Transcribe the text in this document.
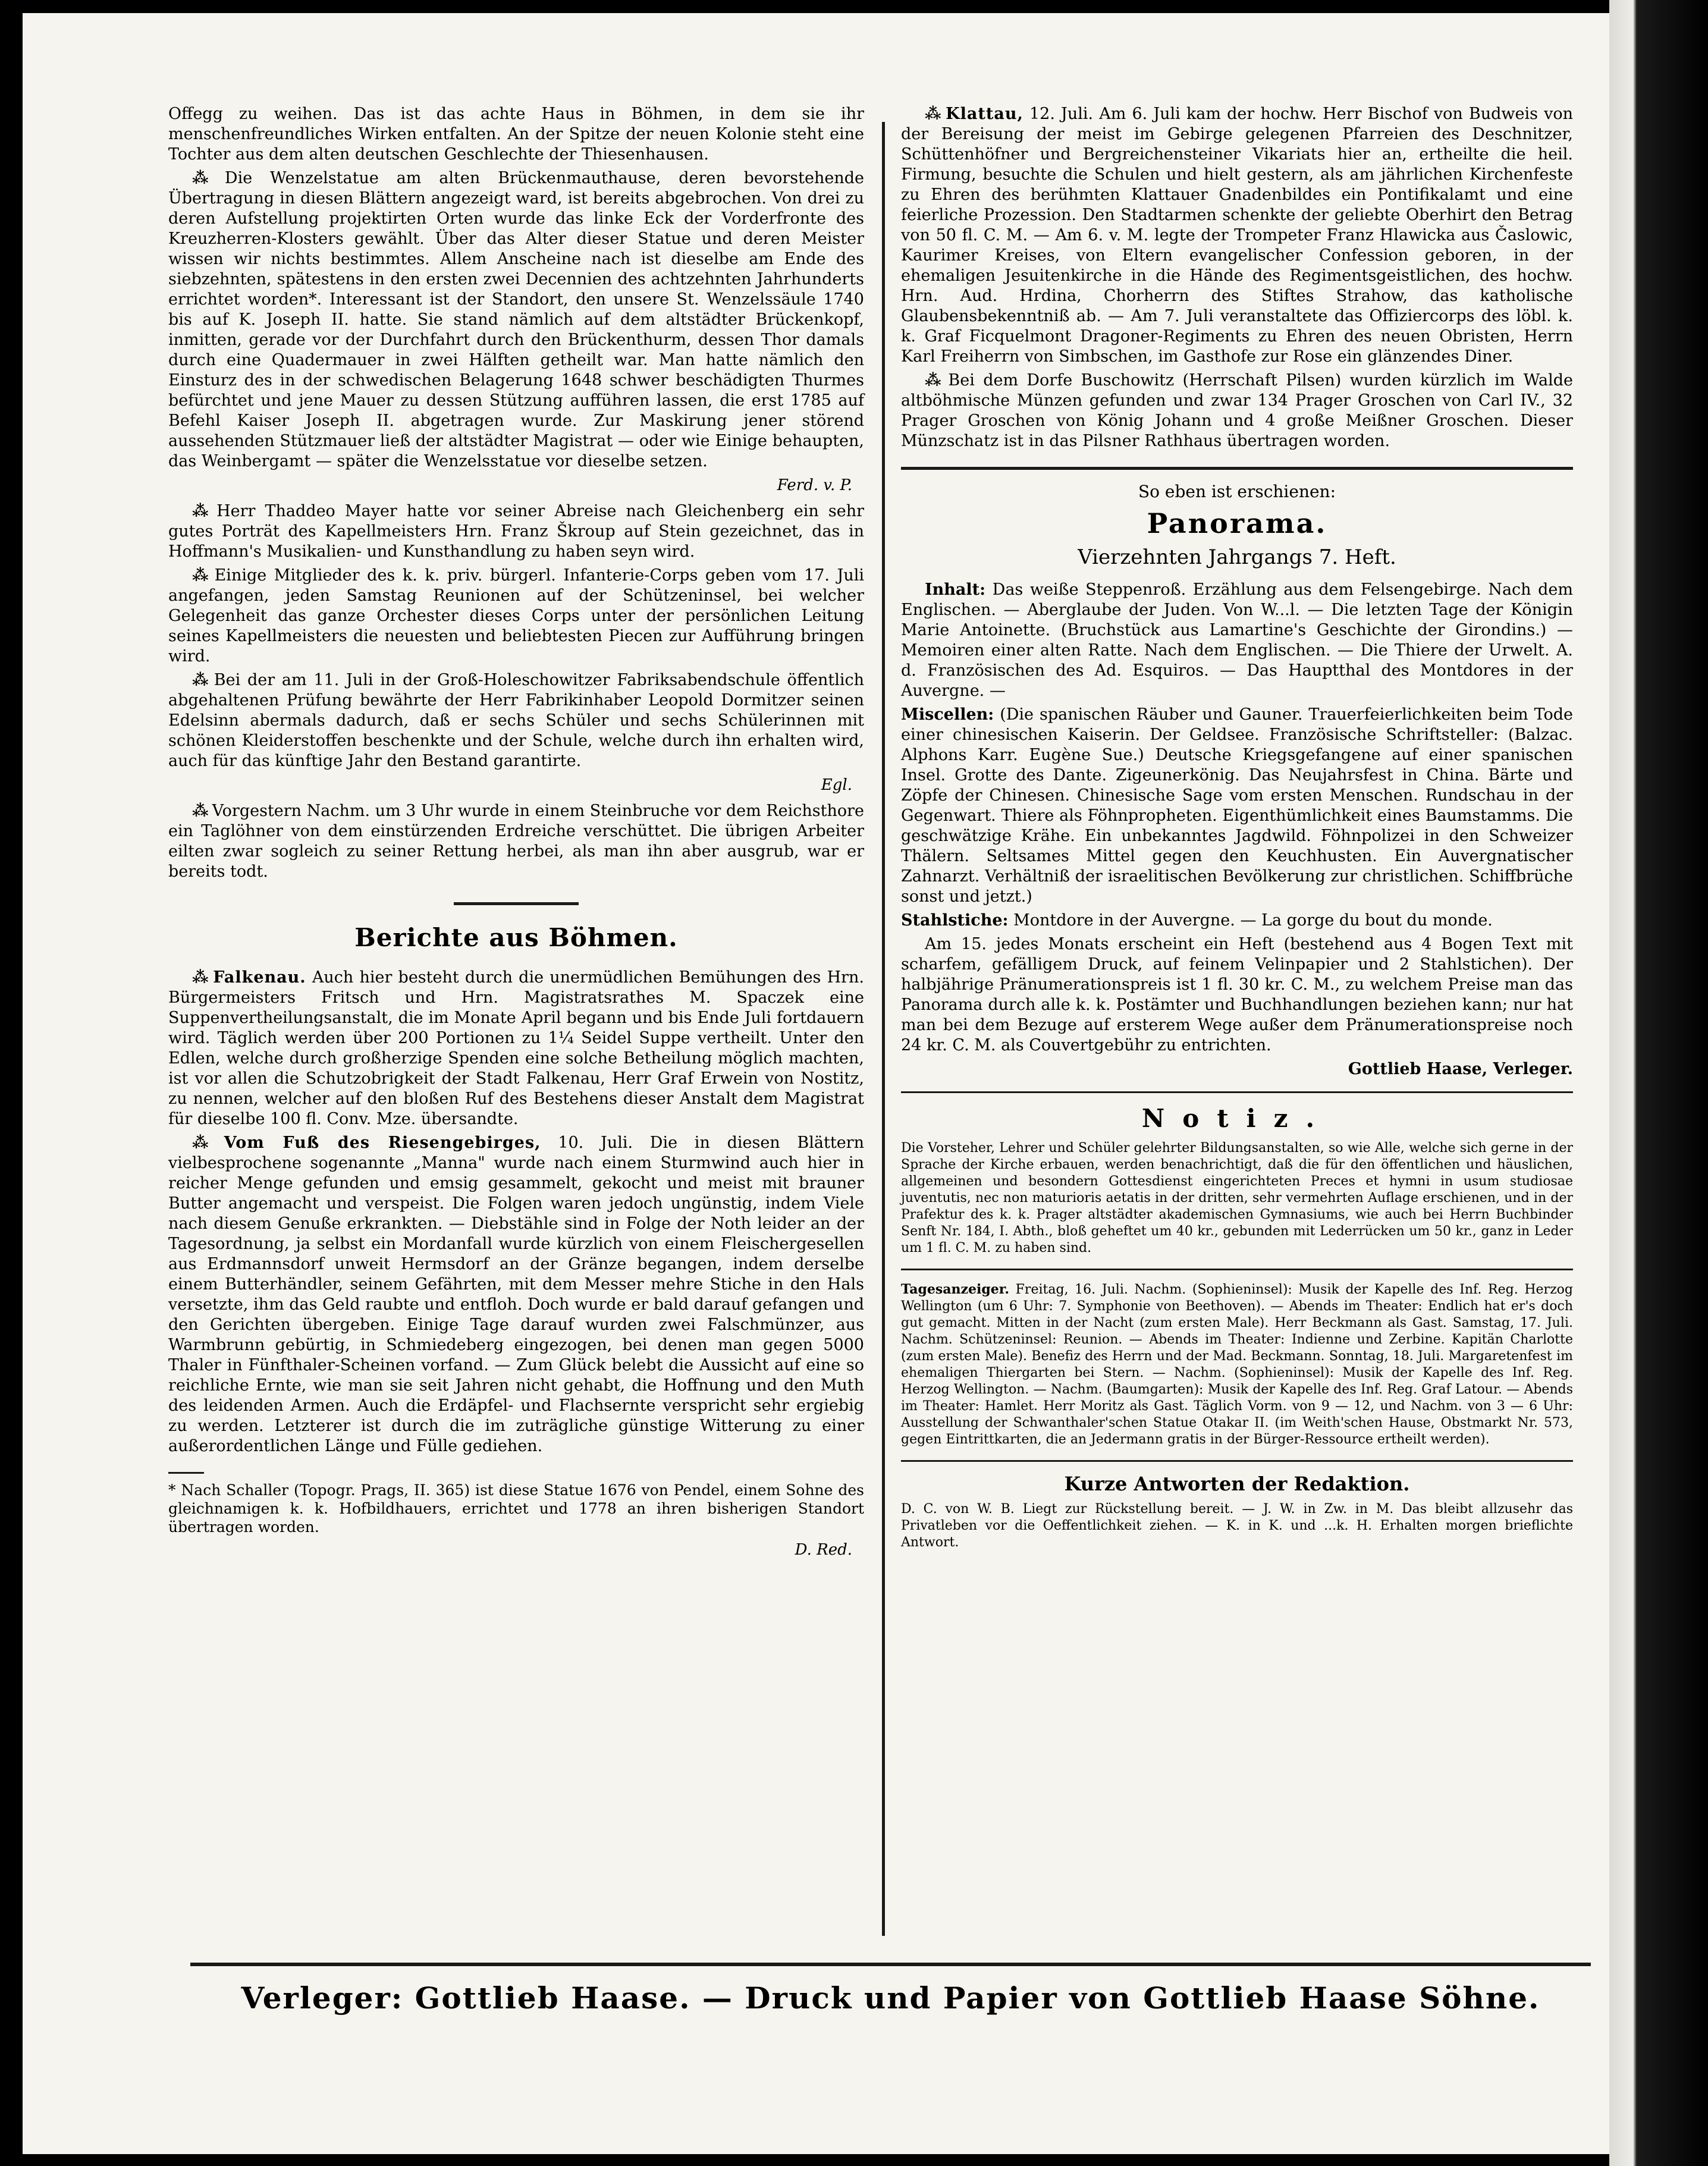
Offegg zu weihen. Das ist das achte Haus in Böhmen, in dem sie ihr menschenfreundliches Wirken entfalten. An der Spitze der neuen Kolonie steht eine Tochter aus dem alten deutschen Geschlechte der Thiesenhausen.

⁂ Die Wenzelstatue am alten Brückenmauthause, deren bevorstehende Übertragung in diesen Blättern angezeigt ward, ist bereits abgebrochen. Von drei zu deren Aufstellung projektirten Orten wurde das linke Eck der Vorderfronte des Kreuzherren-Klosters gewählt. Über das Alter dieser Statue und deren Meister wissen wir nichts bestimmtes. Allem Anscheine nach ist dieselbe am Ende des siebzehnten, spätestens in den ersten zwei Decennien des achtzehnten Jahrhunderts errichtet worden*. Interessant ist der Standort, den unsere St. Wenzelssäule 1740 bis auf K. Joseph II. hatte. Sie stand nämlich auf dem altstädter Brückenkopf, inmitten, gerade vor der Durchfahrt durch den Brückenthurm, dessen Thor damals durch eine Quadermauer in zwei Hälften getheilt war. Man hatte nämlich den Einsturz des in der schwedischen Belagerung 1648 schwer beschädigten Thurmes befürchtet und jene Mauer zu dessen Stützung aufführen lassen, die erst 1785 auf Befehl Kaiser Joseph II. abgetragen wurde. Zur Maskirung jener störend aussehenden Stützmauer ließ der altstädter Magistrat — oder wie Einige behaupten, das Weinbergamt — später die Wenzelsstatue vor dieselbe setzen.

Ferd. v. P.

⁂ Herr Thaddeo Mayer hatte vor seiner Abreise nach Gleichenberg ein sehr gutes Porträt des Kapellmeisters Hrn. Franz Škroup auf Stein gezeichnet, das in Hoffmann's Musikalien- und Kunsthandlung zu haben seyn wird.

⁂ Einige Mitglieder des k. k. priv. bürgerl. Infanterie-Corps geben vom 17. Juli angefangen, jeden Samstag Reunionen auf der Schützeninsel, bei welcher Gelegenheit das ganze Orchester dieses Corps unter der persönlichen Leitung seines Kapellmeisters die neuesten und beliebtesten Piecen zur Aufführung bringen wird.

⁂ Bei der am 11. Juli in der Groß-Holeschowitzer Fabriksabendschule öffentlich abgehaltenen Prüfung bewährte der Herr Fabrikinhaber Leopold Dormitzer seinen Edelsinn abermals dadurch, daß er sechs Schüler und sechs Schülerinnen mit schönen Kleiderstoffen beschenkte und der Schule, welche durch ihn erhalten wird, auch für das künftige Jahr den Bestand garantirte.

Egl.

⁂ Vorgestern Nachm. um 3 Uhr wurde in einem Steinbruche vor dem Reichsthore ein Taglöhner von dem einstürzenden Erdreiche verschüttet. Die übrigen Arbeiter eilten zwar sogleich zu seiner Rettung herbei, als man ihn aber ausgrub, war er bereits todt.

Berichte aus Böhmen.

⁂ Falkenau. Auch hier besteht durch die unermüdlichen Bemühungen des Hrn. Bürgermeisters Fritsch und Hrn. Magistratsrathes M. Spaczek eine Suppenvertheilungsanstalt, die im Monate April begann und bis Ende Juli fortdauern wird. Täglich werden über 200 Portionen zu 1¼ Seidel Suppe vertheilt. Unter den Edlen, welche durch großherzige Spenden eine solche Betheilung möglich machten, ist vor allen die Schutzobrigkeit der Stadt Falkenau, Herr Graf Erwein von Nostitz, zu nennen, welcher auf den bloßen Ruf des Bestehens dieser Anstalt dem Magistrat für dieselbe 100 fl. Conv. Mze. übersandte.

⁂ Vom Fuß des Riesengebirges, 10. Juli. Die in diesen Blättern vielbesprochene sogenannte „Manna" wurde nach einem Sturmwind auch hier in reicher Menge gefunden und emsig gesammelt, gekocht und meist mit brauner Butter angemacht und verspeist. Die Folgen waren jedoch ungünstig, indem Viele nach diesem Genuße erkrankten. — Diebstähle sind in Folge der Noth leider an der Tagesordnung, ja selbst ein Mordanfall wurde kürzlich von einem Fleischergesellen aus Erdmannsdorf unweit Hermsdorf an der Gränze begangen, indem derselbe einem Butterhändler, seinem Gefährten, mit dem Messer mehre Stiche in den Hals versetzte, ihm das Geld raubte und entfloh. Doch wurde er bald darauf gefangen und den Gerichten übergeben. Einige Tage darauf wurden zwei Falschmünzer, aus Warmbrunn gebürtig, in Schmiedeberg eingezogen, bei denen man gegen 5000 Thaler in Fünfthaler-Scheinen vorfand. — Zum Glück belebt die Aussicht auf eine so reichliche Ernte, wie man sie seit Jahren nicht gehabt, die Hoffnung und den Muth des leidenden Armen. Auch die Erdäpfel- und Flachsernte verspricht sehr ergiebig zu werden. Letzterer ist durch die im zuträgliche günstige Witterung zu einer außerordentlichen Länge und Fülle gediehen.

* Nach Schaller (Topogr. Prags, II. 365) ist diese Statue 1676 von Pendel, einem Sohne des gleichnamigen k. k. Hofbildhauers, errichtet und 1778 an ihren bisherigen Standort übertragen worden.

D. Red.

⁂ Klattau, 12. Juli. Am 6. Juli kam der hochw. Herr Bischof von Budweis von der Bereisung der meist im Gebirge gelegenen Pfarreien des Deschnitzer, Schüttenhöfner und Bergreichensteiner Vikariats hier an, ertheilte die heil. Firmung, besuchte die Schulen und hielt gestern, als am jährlichen Kirchenfeste zu Ehren des berühmten Klattauer Gnadenbildes ein Pontifikalamt und eine feierliche Prozession. Den Stadtarmen schenkte der geliebte Oberhirt den Betrag von 50 fl. C. M. — Am 6. v. M. legte der Trompeter Franz Hlawicka aus Časlowic, Kaurimer Kreises, von Eltern evangelischer Confession geboren, in der ehemaligen Jesuitenkirche in die Hände des Regimentsgeistlichen, des hochw. Hrn. Aud. Hrdina, Chorherrn des Stiftes Strahow, das katholische Glaubensbekenntniß ab. — Am 7. Juli veranstaltete das Offiziercorps des löbl. k. k. Graf Ficquelmont Dragoner-Regiments zu Ehren des neuen Obristen, Herrn Karl Freiherrn von Simbschen, im Gasthofe zur Rose ein glänzendes Diner.

⁂ Bei dem Dorfe Buschowitz (Herrschaft Pilsen) wurden kürzlich im Walde altböhmische Münzen gefunden und zwar 134 Prager Groschen von Carl IV., 32 Prager Groschen von König Johann und 4 große Meißner Groschen. Dieser Münzschatz ist in das Pilsner Rathhaus übertragen worden.

So eben ist erschienen:
Panorama.
Vierzehnten Jahrgangs 7. Heft.

Inhalt: Das weiße Steppenroß. Erzählung aus dem Felsengebirge. Nach dem Englischen. — Aberglaube der Juden. Von W...l. — Die letzten Tage der Königin Marie Antoinette. (Bruchstück aus Lamartine's Geschichte der Girondins.) — Memoiren einer alten Ratte. Nach dem Englischen. — Die Thiere der Urwelt. A. d. Französischen des Ad. Esquiros. — Das Hauptthal des Montdores in der Auvergne. —

Miscellen: (Die spanischen Räuber und Gauner. Trauerfeierlichkeiten beim Tode einer chinesischen Kaiserin. Der Geldsee. Französische Schriftsteller: (Balzac. Alphons Karr. Eugène Sue.) Deutsche Kriegsgefangene auf einer spanischen Insel. Grotte des Dante. Zigeunerkönig. Das Neujahrsfest in China. Bärte und Zöpfe der Chinesen. Chinesische Sage vom ersten Menschen. Rundschau in der Gegenwart. Thiere als Föhnpropheten. Eigenthümlichkeit eines Baumstamms. Die geschwätzige Krähe. Ein unbekanntes Jagdwild. Föhnpolizei in den Schweizer Thälern. Seltsames Mittel gegen den Keuchhusten. Ein Auvergnatischer Zahnarzt. Verhältniß der israelitischen Bevölkerung zur christlichen. Schiffbrüche sonst und jetzt.)

Stahlstiche: Montdore in der Auvergne. — La gorge du bout du monde.

Am 15. jedes Monats erscheint ein Heft (bestehend aus 4 Bogen Text mit scharfem, gefälligem Druck, auf feinem Velinpapier und 2 Stahlstichen). Der halbjährige Pränumerationspreis ist 1 fl. 30 kr. C. M., zu welchem Preise man das Panorama durch alle k. k. Postämter und Buchhandlungen beziehen kann; nur hat man bei dem Bezuge auf ersterem Wege außer dem Pränumerationspreise noch 24 kr. C. M. als Couvertgebühr zu entrichten.

Gottlieb Haase, Verleger.

Notiz.

Die Vorsteher, Lehrer und Schüler gelehrter Bildungsanstalten, so wie Alle, welche sich gerne in der Sprache der Kirche erbauen, werden benachrichtigt, daß die für den öffentlichen und häuslichen, allgemeinen und besondern Gottesdienst eingerichteten Preces et hymni in usum studiosae juventutis, nec non maturioris aetatis in der dritten, sehr vermehrten Auflage erschienen, und in der Prafektur des k. k. Prager altstädter akademischen Gymnasiums, wie auch bei Herrn Buchbinder Senft Nr. 184, I. Abth., bloß geheftet um 40 kr., gebunden mit Lederrücken um 50 kr., ganz in Leder um 1 fl. C. M. zu haben sind.

Tagesanzeiger. Freitag, 16. Juli. Nachm. (Sophieninsel): Musik der Kapelle des Inf. Reg. Herzog Wellington (um 6 Uhr: 7. Symphonie von Beethoven). — Abends im Theater: Endlich hat er's doch gut gemacht. Mitten in der Nacht (zum ersten Male). Herr Beckmann als Gast. Samstag, 17. Juli. Nachm. Schützeninsel: Reunion. — Abends im Theater: Indienne und Zerbine. Kapitän Charlotte (zum ersten Male). Benefiz des Herrn und der Mad. Beckmann. Sonntag, 18. Juli. Margaretenfest im ehemaligen Thiergarten bei Stern. — Nachm. (Sophieninsel): Musik der Kapelle des Inf. Reg. Herzog Wellington. — Nachm. (Baumgarten): Musik der Kapelle des Inf. Reg. Graf Latour. — Abends im Theater: Hamlet. Herr Moritz als Gast. Täglich Vorm. von 9 — 12, und Nachm. von 3 — 6 Uhr: Ausstellung der Schwanthaler'schen Statue Otakar II. (im Weith'schen Hause, Obstmarkt Nr. 573, gegen Eintrittkarten, die an Jedermann gratis in der Bürger-Ressource ertheilt werden).

Kurze Antworten der Redaktion.

D. C. von W. B. Liegt zur Rückstellung bereit. — J. W. in Zw. in M. Das bleibt allzusehr das Privatleben vor die Oeffentlichkeit ziehen. — K. in K. und ...k. H. Erhalten morgen brieflichte Antwort.

Verleger: Gottlieb Haase. — Druck und Papier von Gottlieb Haase Söhne.
